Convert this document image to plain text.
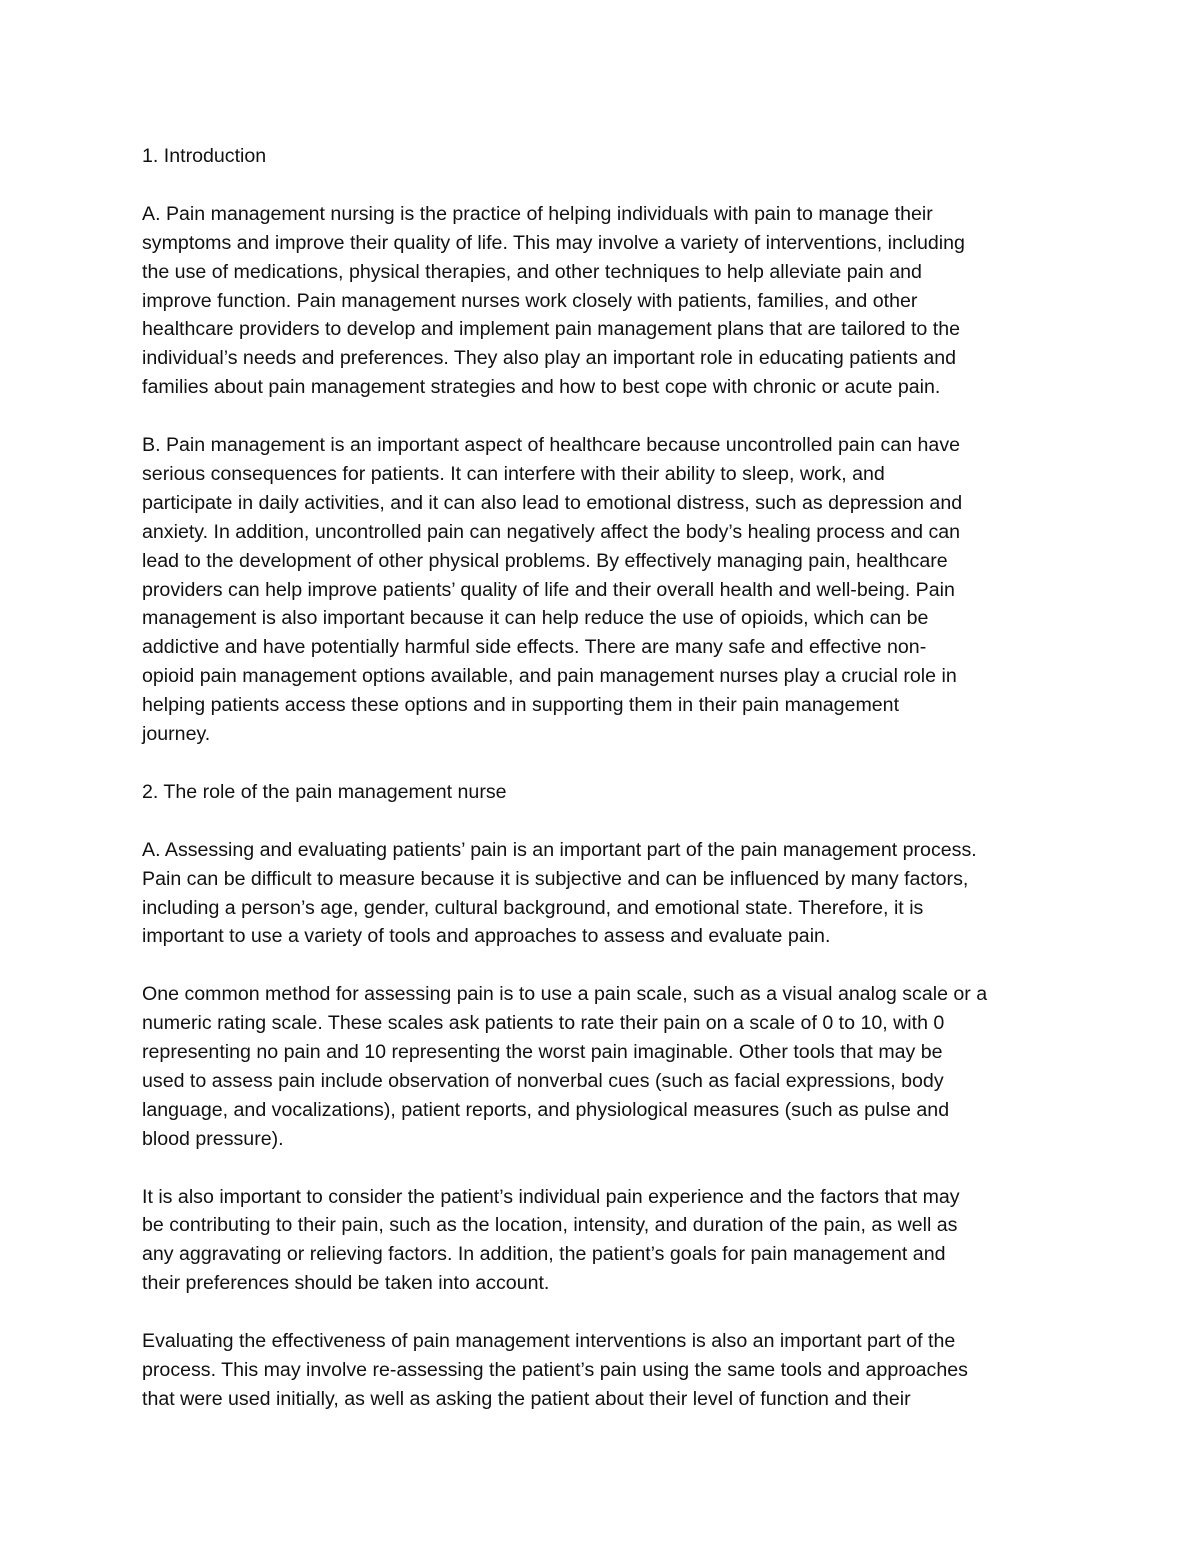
1. Introduction

A. Pain management nursing is the practice of helping individuals with pain to manage their
symptoms and improve their quality of life. This may involve a variety of interventions, including
the use of medications, physical therapies, and other techniques to help alleviate pain and
improve function. Pain management nurses work closely with patients, families, and other
healthcare providers to develop and implement pain management plans that are tailored to the
individual’s needs and preferences. They also play an important role in educating patients and
families about pain management strategies and how to best cope with chronic or acute pain.

B. Pain management is an important aspect of healthcare because uncontrolled pain can have
serious consequences for patients. It can interfere with their ability to sleep, work, and
participate in daily activities, and it can also lead to emotional distress, such as depression and
anxiety. In addition, uncontrolled pain can negatively affect the body’s healing process and can
lead to the development of other physical problems. By effectively managing pain, healthcare
providers can help improve patients’ quality of life and their overall health and well-being. Pain
management is also important because it can help reduce the use of opioids, which can be
addictive and have potentially harmful side effects. There are many safe and effective non-
opioid pain management options available, and pain management nurses play a crucial role in
helping patients access these options and in supporting them in their pain management
journey.

2. The role of the pain management nurse

A. Assessing and evaluating patients’ pain is an important part of the pain management process.
Pain can be difficult to measure because it is subjective and can be influenced by many factors,
including a person’s age, gender, cultural background, and emotional state. Therefore, it is
important to use a variety of tools and approaches to assess and evaluate pain.

One common method for assessing pain is to use a pain scale, such as a visual analog scale or a
numeric rating scale. These scales ask patients to rate their pain on a scale of 0 to 10, with 0
representing no pain and 10 representing the worst pain imaginable. Other tools that may be
used to assess pain include observation of nonverbal cues (such as facial expressions, body
language, and vocalizations), patient reports, and physiological measures (such as pulse and
blood pressure).

It is also important to consider the patient’s individual pain experience and the factors that may
be contributing to their pain, such as the location, intensity, and duration of the pain, as well as
any aggravating or relieving factors. In addition, the patient’s goals for pain management and
their preferences should be taken into account.

Evaluating the effectiveness of pain management interventions is also an important part of the
process. This may involve re-assessing the patient’s pain using the same tools and approaches
that were used initially, as well as asking the patient about their level of function and their
